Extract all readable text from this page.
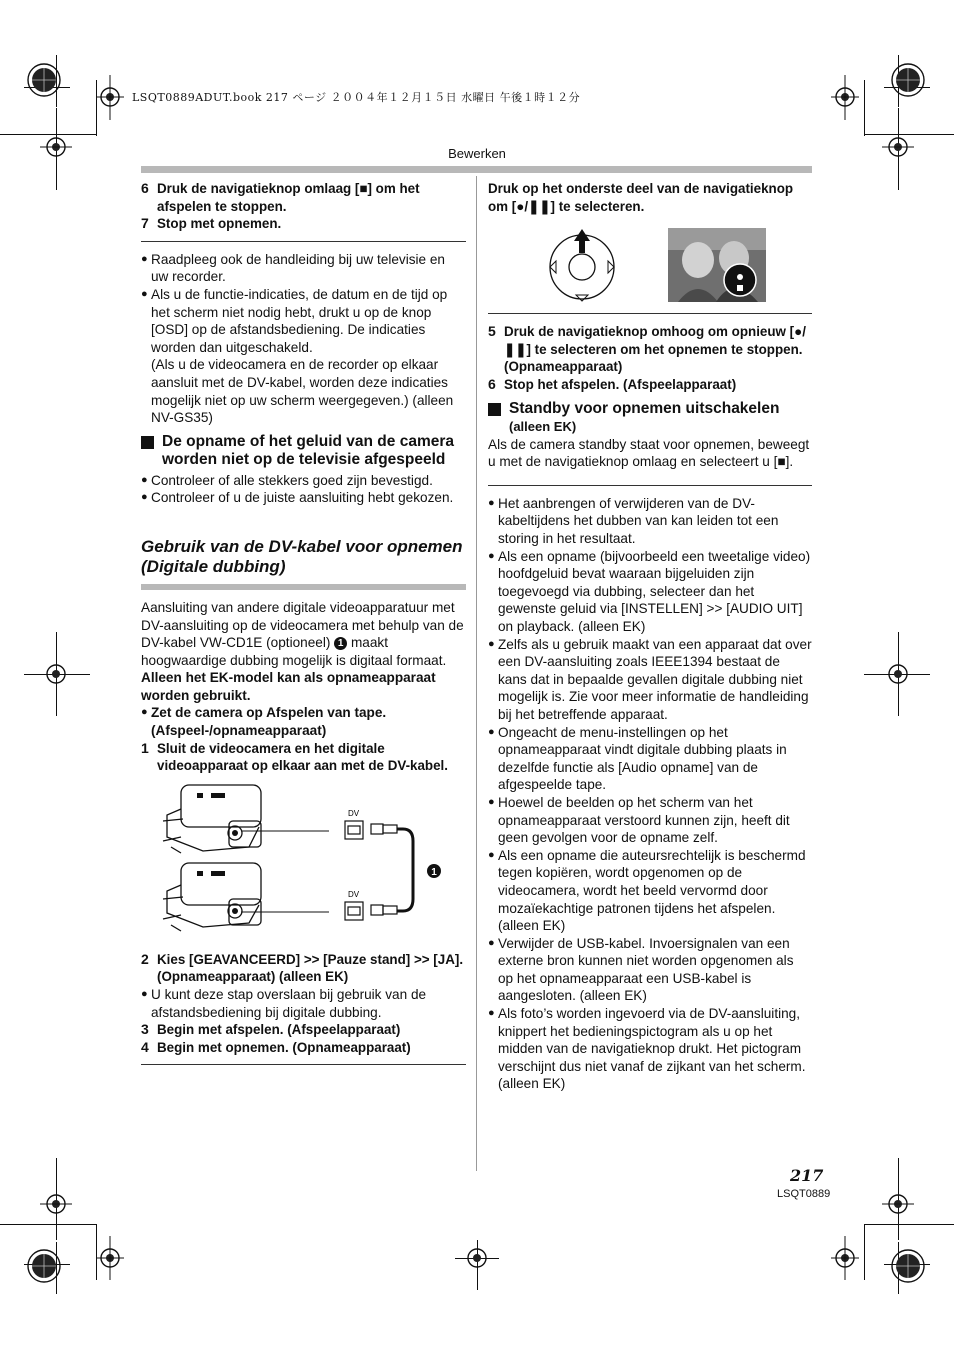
LSQT0889ADUT.book 217 ページ ２００４年１２月１５日 水曜日 午後１時１２分
Bewerken
6 Druk de navigatieknop omlaag [■] om het afspelen te stoppen.
7 Stop met opnemen.
● Raadpleeg ook de handleiding bij uw televisie en uw recorder.
● Als u de functie-indicaties, de datum en de tijd op het scherm niet nodig hebt, drukt u op de knop [OSD] op de afstandsbediening. De indicaties worden dan uitgeschakeld.
(Als u de videocamera en de recorder op elkaar aansluit met de DV-kabel, worden deze indicaties mogelijk niet op uw scherm weergegeven.) (alleen NV-GS35)
De opname of het geluid van de camera worden niet op de televisie afgespeeld
● Controleer of alle stekkers goed zijn bevestigd.
● Controleer of u de juiste aansluiting hebt gekozen.
Gebruik van de DV-kabel voor opnemen
(Digitale dubbing)

Aansluiting van andere digitale videoapparatuur met DV-aansluiting op de videocamera met behulp van de DV-kabel VW-CD1E (optioneel) 1 maakt hoogwaardige dubbing mogelijk is digitaal formaat.

Alleen het EK-model kan als opnameapparaat worden gebruikt.

● Zet de camera op Afspelen van tape. (Afspeel-/opnameapparaat)
1 Sluit de videocamera en het digitale videoapparaat op elkaar aan met de DV-kabel.
DV
DV
1
2 Kies [GEAVANCEERD] >> [Pauze stand] >> [JA]. (Opnameapparaat) (alleen EK)
● U kunt deze stap overslaan bij gebruik van de afstandsbediening bij digitale dubbing.
3 Begin met afspelen. (Afspeelapparaat)
4 Begin met opnemen. (Opnameapparaat)

Druk op het onderste deel van de navigatieknop om [●/❚❚] te selecteren.

5 Druk de navigatieknop omhoog om opnieuw [●/❚❚] te selecteren om het opnemen te stoppen. (Opnameapparaat)
6 Stop het afspelen. (Afspeelapparaat)
Standby voor opnemen uitschakelen

(alleen EK)

Als de camera standby staat voor opnemen, beweegt u met de navigatieknop omlaag en selecteert u [■].

● Het aanbrengen of verwijderen van de DV-kabeltijdens het dubben van kan leiden tot een storing in het resultaat.
● Als een opname (bijvoorbeeld een tweetalige video) hoofdgeluid bevat waaraan bijgeluiden zijn toegevoegd via dubbing, selecteer dan het gewenste geluid via [INSTELLEN] >> [AUDIO UIT] on playback. (alleen EK)
● Zelfs als u gebruik maakt van een apparaat dat over een DV-aansluiting zoals IEEE1394 bestaat de kans dat in bepaalde gevallen digitale dubbing niet mogelijk is. Zie voor meer informatie de handleiding bij het betreffende apparaat.
● Ongeacht de menu-instellingen op het opnameapparaat vindt digitale dubbing plaats in dezelfde functie als [Audio opname] van de afgespeelde tape.
● Hoewel de beelden op het scherm van het opnameapparaat verstoord kunnen zijn, heeft dit geen gevolgen voor de opname zelf.
● Als een opname die auteursrechtelijk is beschermd tegen kopiëren, wordt opgenomen op de videocamera, wordt het beeld vervormd door mozaïekachtige patronen tijdens het afspelen. (alleen EK)
● Verwijder de USB-kabel. Invoersignalen van een externe bron kunnen niet worden opgenomen als op het opnameapparaat een USB-kabel is aangesloten. (alleen EK)
● Als foto’s worden ingevoerd via de DV-aansluiting, knippert het bedieningspictogram als u op het midden van de navigatieknop drukt. Het pictogram verschijnt dus niet vanaf de zijkant van het scherm. (alleen EK)
217
LSQT0889
